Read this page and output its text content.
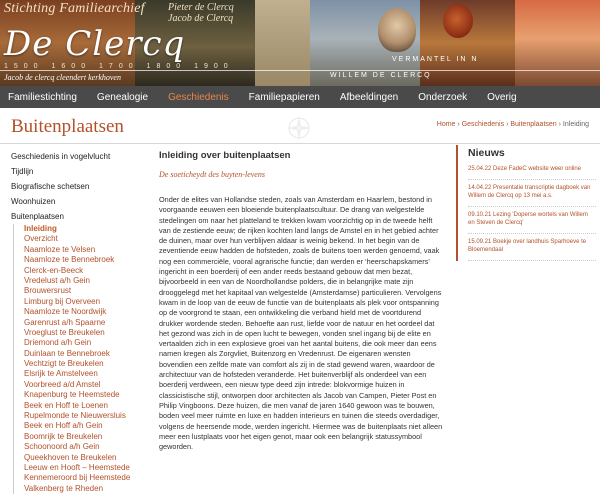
Stichting Familiearchief
De Clercq
1500 1600 1700 1800 1900
Jacob de clercq cleendert kerkhoven
Pieter de Clercq
Jacob de Clercq
VERMANTEL IN N
WILLEM DE CLERCQ
Familiestichting	Genealogie	Geschiedenis	Familiepapieren	Afbeeldingen	Onderzoek	Overig
Buitenplaatsen	Home › Geschiedenis › Buitenplaatsen › Inleiding
Geschiedenis in vogelvlucht
Tijdlijn
Biografische schetsen
Woonhuizen
Buitenplaatsen
Inleiding
Overzicht
Naamloze te Velsen
Naamloze te Bennebroek
Clerck-en-Beeck
Vredelust a/h Gein
Brouwersrust
Limburg bij Overveen
Naamloze te Noordwijk
Garenrust a/h Spaarne
Vroeglust te Breukelen
Driemond a/h Gein
Duinlaan te Bennebroek
Vechtzigt te Breukelen
Elsrijk te Amstelveen
Voorbreed a/d Amstel
Knapenburg te Heemstede
Beek en Hoff te Loenen
Rupelmonde te Nieuwersluis
Beek en Hoff a/h Gein
Boomrijk te Breukelen
Schoonoord a/h Gein
Queekhoven te Breukelen
Leeuw en Hooft – Heemstede
Kennemeroord bij Heemstede
Valkenberg te Rheden
Inleiding over buitenplaatsen
De soeticheydt des buyten-levens

Onder de elites van Hollandse steden, zoals van Amsterdam en Haarlem, bestond in voorgaande eeuwen een bloeiende buitenplaatscultuur. De drang van welgestelde stedelingen om naar het platteland te trekken kwam voorzichtig op in de tweede helft van de zestiende eeuw; de rijken kochten land langs de Amstel en in het gebied achter de duinen, maar over hun verblijven aldaar is weinig bekend. In het begin van de zeventiende eeuw hadden de hofsteden, zoals de buitens toen werden genoemd, vaak nog een commerciële, vooral agrarische functie; dan werden er ‘heerschapskamers’ ingericht in een boerderij of een ander reeds bestaand gebouw dat men bezat, bijvoorbeeld in een van de Noordhollandse polders, die in belangrijke mate zijn drooggelegd met het kapitaal van welgestelde (Amsterdamse) particulieren. Vervolgens kwam in de loop van de eeuw de functie van de buitenplaats als plek voor ontspanning op de voorgrond te staan, een ontwikkeling die verband hield met de voortdurend drukker wordende steden. Behoefte aan rust, liefde voor de natuur en het oordeel dat het gezond was zich in de open lucht te bewegen, vonden snel ingang bij de elite en vertaalden zich in een explosieve groei van het aantal buitens, die ook meer dan eens namen kregen als Zorgvliet, Buitenzorg en Vredenrust. De eigenaren wensten bovendien een zelfde mate van comfort als zij in de stad gewend waren, waardoor de architectuur van de hofsteden veranderde. Het buitenverblijf als onderdeel van een boerderij verdween, een nieuw type deed zijn intrede: blokvormige huizen in classicistische stijl, ontworpen door architecten als Jacob van Campen, Pieter Post en Philip Vingboons. Deze huizen, die men vanaf de jaren 1640 gewoon was te bouwen, boden veel meer ruimte en luxe en hadden interieurs en tuinen die steeds overdadiger, volgens de heersende mode, werden ingericht. Hiermee was de buitenplaats niet alleen meer een lustplaats voor het eigen genot, maar ook een belangrijk statussymbool geworden.

Nieuws
25.04.22 Deze FadeC website weer online
14.04.22 Presentatie transcriptie dagboek van Willem de Clercq op 13 mei a.s.
09.10.21 Lezing 'Doperse wortels van Willem en Steven de Clercq'
15.09.21 Boekje over landhuis Sparhoeve te Bloemendaal
